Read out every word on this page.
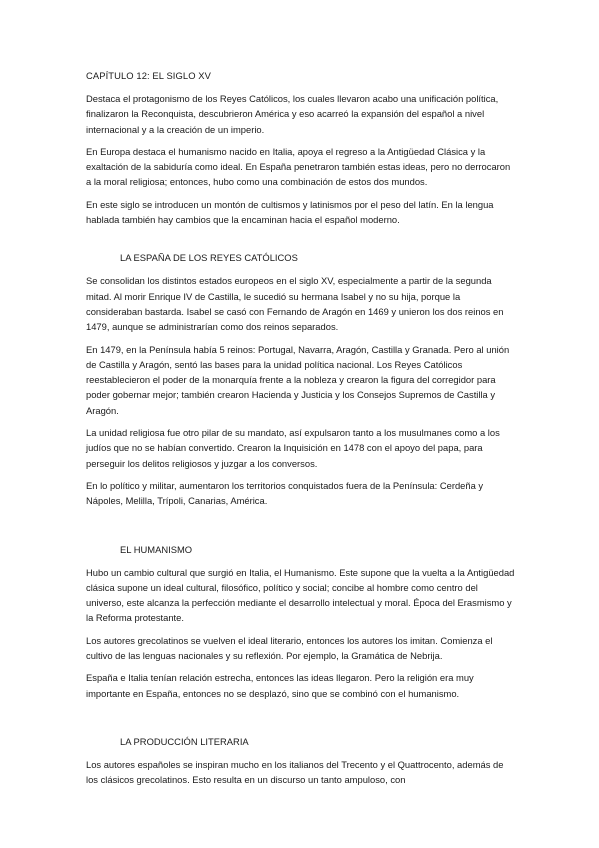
CAPÍTULO 12: EL SIGLO XV

Destaca el protagonismo de los Reyes Católicos, los cuales llevaron acabo una unificación política, finalizaron la Reconquista, descubrieron América y eso acarreó la expansión del español a nivel internacional y a la creación de un imperio.

En Europa destaca el humanismo nacido en Italia, apoya el regreso a la Antigüedad Clásica y la exaltación de la sabiduría como ideal. En España penetraron también estas ideas, pero no derrocaron a la moral religiosa; entonces, hubo como una combinación de estos dos mundos.

En este siglo se introducen un montón de cultismos y latinismos por el peso del latín. En la lengua hablada también hay cambios que la encaminan hacia el español moderno.

LA ESPAÑA DE LOS REYES CATÓLICOS

Se consolidan los distintos estados europeos en el siglo XV, especialmente a partir de la segunda mitad. Al morir Enrique IV de Castilla, le sucedió su hermana Isabel y no su hija, porque la consideraban bastarda. Isabel se casó con Fernando de Aragón en 1469 y unieron los dos reinos en 1479, aunque se administrarían como dos reinos separados.

En 1479, en la Península había 5 reinos: Portugal, Navarra, Aragón, Castilla y Granada. Pero al unión de Castilla y Aragón, sentó las bases para la unidad política nacional. Los Reyes Católicos reestablecieron el poder de la monarquía frente a la nobleza y crearon la figura del corregidor para poder gobernar mejor; también crearon Hacienda y Justicia y los Consejos Supremos de Castilla y Aragón.

La unidad religiosa fue otro pilar de su mandato, así expulsaron tanto a los musulmanes como a los judíos que no se habían convertido. Crearon la Inquisición en 1478 con el apoyo del papa, para perseguir los delitos religiosos y juzgar a los conversos.

En lo político y militar, aumentaron los territorios conquistados fuera de la Península: Cerdeña y Nápoles, Melilla, Trípoli, Canarias, América.

EL HUMANISMO

Hubo un cambio cultural que surgió en Italia, el Humanismo. Este supone que la vuelta a la Antigüedad clásica supone un ideal cultural, filosófico, político y social; concibe al hombre como centro del universo, este alcanza la perfección mediante el desarrollo intelectual y moral. Época del Erasmismo y la Reforma protestante.

Los autores grecolatinos se vuelven el ideal literario, entonces los autores los imitan. Comienza el cultivo de las lenguas nacionales y su reflexión. Por ejemplo, la Gramática de Nebrija.

España e Italia tenían relación estrecha, entonces las ideas llegaron. Pero la religión era muy importante en España, entonces no se desplazó, sino que se combinó con el humanismo.

LA PRODUCCIÓN LITERARIA

Los autores españoles se inspiran mucho en los italianos del Trecento y el Quattrocento, además de los clásicos grecolatinos. Esto resulta en un discurso un tanto ampuloso, con
